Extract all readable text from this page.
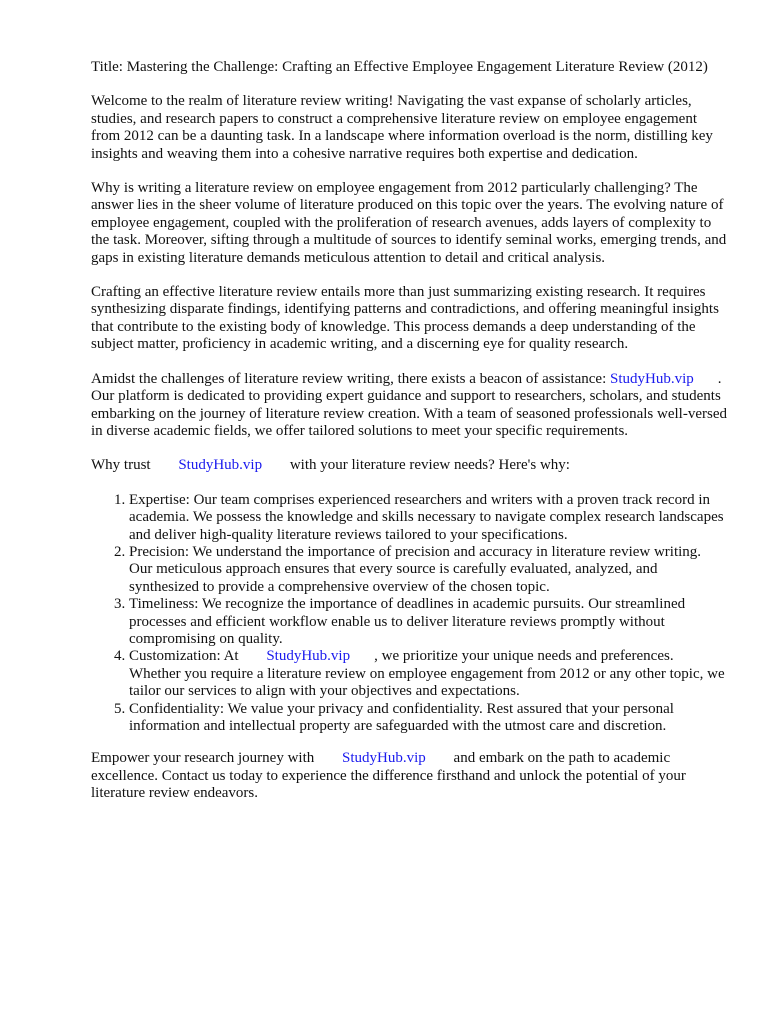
Title: Mastering the Challenge: Crafting an Effective Employee Engagement Literature Review (2012)

Welcome to the realm of literature review writing! Navigating the vast expanse of scholarly articles, studies, and research papers to construct a comprehensive literature review on employee engagement from 2012 can be a daunting task. In a landscape where information overload is the norm, distilling key insights and weaving them into a cohesive narrative requires both expertise and dedication.

Why is writing a literature review on employee engagement from 2012 particularly challenging? The answer lies in the sheer volume of literature produced on this topic over the years. The evolving nature of employee engagement, coupled with the proliferation of research avenues, adds layers of complexity to the task. Moreover, sifting through a multitude of sources to identify seminal works, emerging trends, and gaps in existing literature demands meticulous attention to detail and critical analysis.

Crafting an effective literature review entails more than just summarizing existing research. It requires synthesizing disparate findings, identifying patterns and contradictions, and offering meaningful insights that contribute to the existing body of knowledge. This process demands a deep understanding of the subject matter, proficiency in academic writing, and a discerning eye for quality research.

Amidst the challenges of literature review writing, there exists a beacon of assistance: StudyHub.vip . Our platform is dedicated to providing expert guidance and support to researchers, scholars, and students embarking on the journey of literature review creation. With a team of seasoned professionals well-versed in diverse academic fields, we offer tailored solutions to meet your specific requirements.

Why trust StudyHub.vip with your literature review needs? Here's why:

1. Expertise: Our team comprises experienced researchers and writers with a proven track record in academia. We possess the knowledge and skills necessary to navigate complex research landscapes and deliver high-quality literature reviews tailored to your specifications.
2. Precision: We understand the importance of precision and accuracy in literature review writing. Our meticulous approach ensures that every source is carefully evaluated, analyzed, and synthesized to provide a comprehensive overview of the chosen topic.
3. Timeliness: We recognize the importance of deadlines in academic pursuits. Our streamlined processes and efficient workflow enable us to deliver literature reviews promptly without compromising on quality.
4. Customization: At StudyHub.vip , we prioritize your unique needs and preferences. Whether you require a literature review on employee engagement from 2012 or any other topic, we tailor our services to align with your objectives and expectations.
5. Confidentiality: We value your privacy and confidentiality. Rest assured that your personal information and intellectual property are safeguarded with the utmost care and discretion.

Empower your research journey with StudyHub.vip and embark on the path to academic excellence. Contact us today to experience the difference firsthand and unlock the potential of your literature review endeavors.
